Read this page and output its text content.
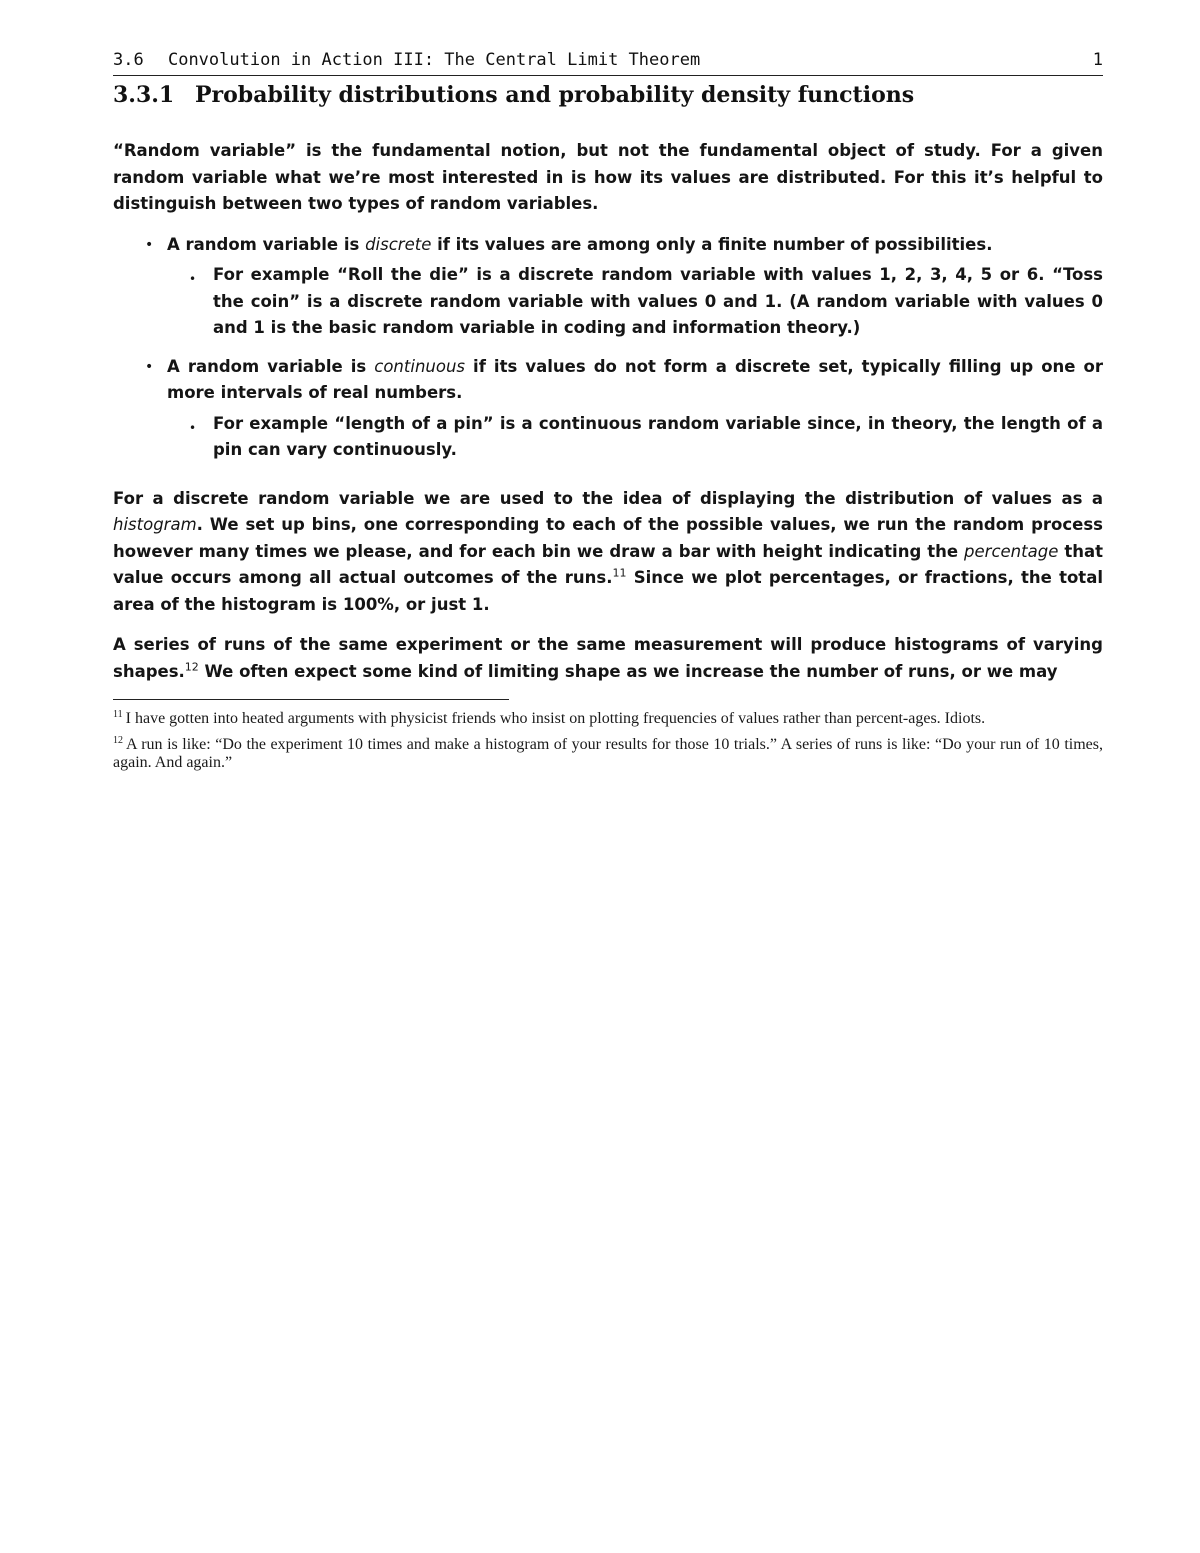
3.6 Convolution in Action III: The Central Limit Theorem	1
3.3.1 Probability distributions and probability density functions

“Random variable” is the fundamental notion, but not the fundamental object of study. For a given random variable what we’re most interested in is how its values are distributed. For this it’s helpful to distinguish between two types of random variables.

• A random variable is discrete if its values are among only a finite number of possibilities.
• For example “Roll the die” is a discrete random variable with values 1, 2, 3, 4, 5 or 6. “Toss the coin” is a discrete random variable with values 0 and 1. (A random variable with values 0 and 1 is the basic random variable in coding and information theory.)
• A random variable is continuous if its values do not form a discrete set, typically filling up one or more intervals of real numbers.
• For example “length of a pin” is a continuous random variable since, in theory, the length of a pin can vary continuously.

For a discrete random variable we are used to the idea of displaying the distribution of values as a histogram. We set up bins, one corresponding to each of the possible values, we run the random process however many times we please, and for each bin we draw a bar with height indicating the percentage that value occurs among all actual outcomes of the runs.$^{11}$ Since we plot percentages, or fractions, the total area of the histogram is 100%, or just 1.

A series of runs of the same experiment or the same measurement will produce histograms of varying shapes.$^{12}$ We often expect some kind of limiting shape as we increase the number of runs, or we may

$^{11}$ I have gotten into heated arguments with physicist friends who insist on plotting frequencies of values rather than percent-ages. Idiots.

$^{12}$ A run is like: “Do the experiment 10 times and make a histogram of your results for those 10 trials.” A series of runs is like: “Do your run of 10 times, again. And again.”
